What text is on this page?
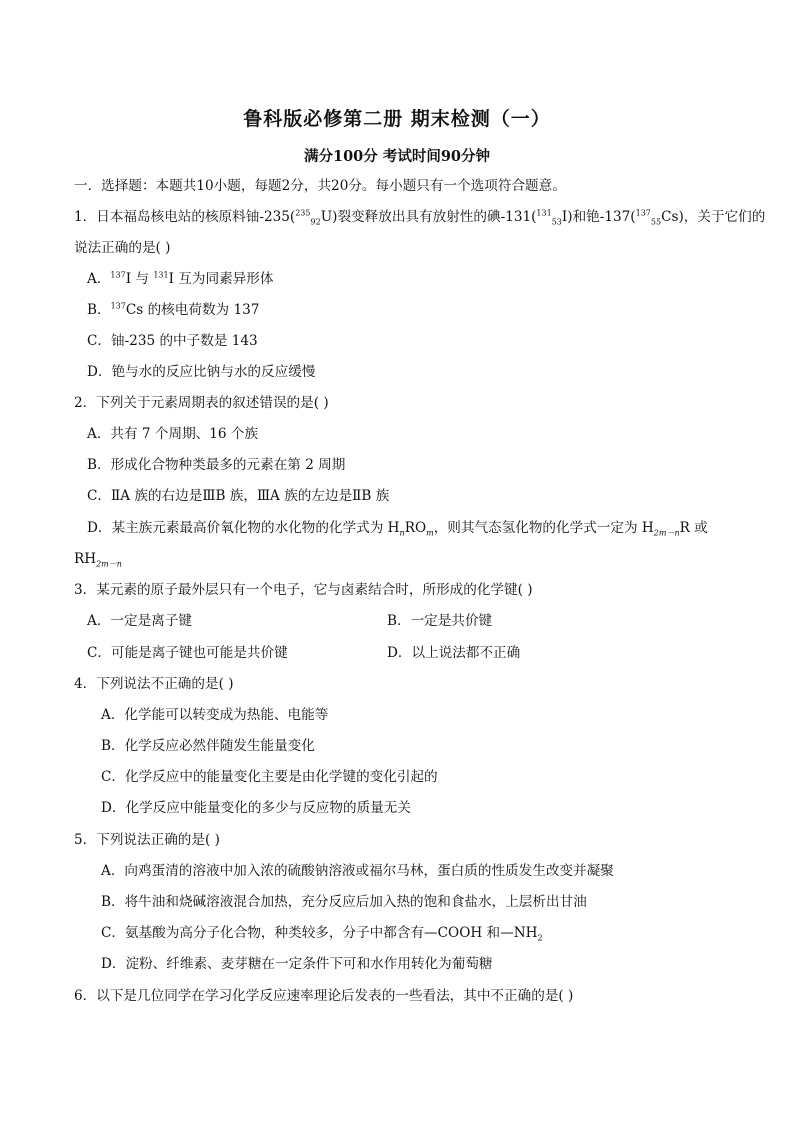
鲁科版必修第二册 期末检测（一）
满分100分 考试时间90分钟
一．选择题：本题共10小题，每题2分，共20分。每小题只有一个选项符合题意。
1．日本福岛核电站的核原料铀-235($^{235}_{92}$U)裂变释放出具有放射性的碘-131($^{131}_{53}$I)和铯-137($^{137}_{55}$Cs)，关于它们的
说法正确的是( )
A．$^{137}$I 与 $^{131}$I 互为同素异形体
B．$^{137}$Cs 的核电荷数为 137
C．铀-235 的中子数是 143
D．铯与水的反应比钠与水的反应缓慢
2．下列关于元素周期表的叙述错误的是( )
A．共有 7 个周期、16 个族
B．形成化合物种类最多的元素在第 2 周期
C．ⅡA 族的右边是ⅢB 族，ⅢA 族的左边是ⅡB 族
D．某主族元素最高价氧化物的水化物的化学式为 $H_nRO_m$，则其气态氢化物的化学式一定为 $H_{2m-n}R$ 或
$RH_{2m-n}$
3．某元素的原子最外层只有一个电子，它与卤素结合时，所形成的化学键( )
A．一定是离子键	B．一定是共价键
C．可能是离子键也可能是共价键	D．以上说法都不正确
4．下列说法不正确的是( )
A．化学能可以转变成为热能、电能等
B．化学反应必然伴随发生能量变化
C．化学反应中的能量变化主要是由化学键的变化引起的
D．化学反应中能量变化的多少与反应物的质量无关
5．下列说法正确的是( )
A．向鸡蛋清的溶液中加入浓的硫酸钠溶液或福尔马林，蛋白质的性质发生改变并凝聚
B．将牛油和烧碱溶液混合加热，充分反应后加入热的饱和食盐水，上层析出甘油
C．氨基酸为高分子化合物，种类较多，分子中都含有—COOH 和$—NH_2$
D．淀粉、纤维素、麦芽糖在一定条件下可和水作用转化为葡萄糖
6．以下是几位同学在学习化学反应速率理论后发表的一些看法，其中不正确的是( )
